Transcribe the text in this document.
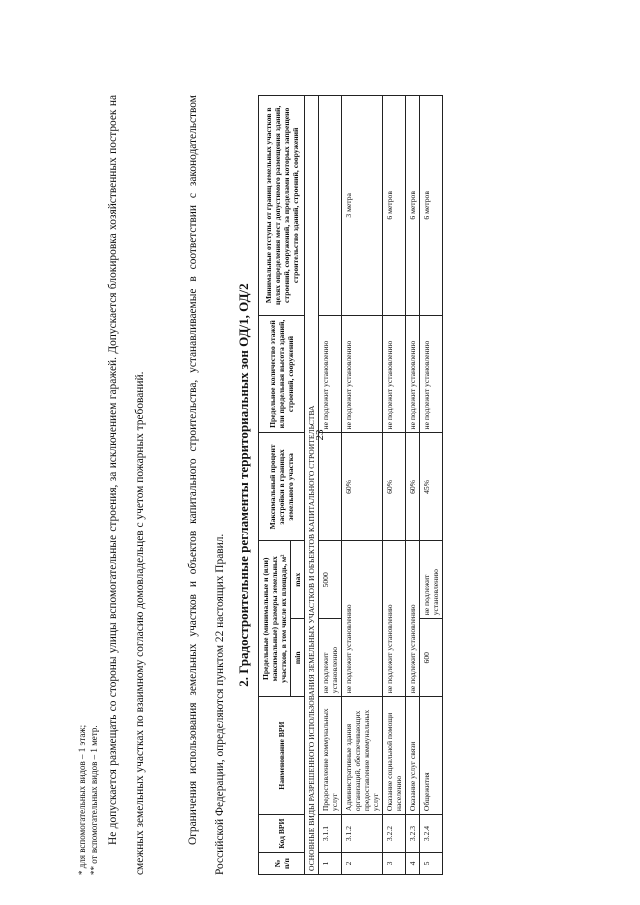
23
* для вспомогательных видов – 1 этаж; ** от вспомогательных видов – 1 метр. Не допускается размещать со стороны улицы вспомогательные строения, за исключением гаражей. Допускается блокировка хозяйственных построек на смежных земельных участках по взаимному согласию домовладельцев с учетом пожарных требований.	Ограничения использования земельных участков и объектов капитального строительства, устанавливаемые в соответствии с законодательством Российской Федерации, определяются пунктом 22 настоящих Правил.
2. Градостроительные регламенты территориальных зон ОД/1, ОД/2
№ п/п	Код ВРИ	Наименование ВРИ	Предельные (минимальные и (или) максимальные) размеры земельных участков, в том числе их площадь, м²		Максимальный процент застройки в границах земельного участка	Предельное количество этажей или предельная высота зданий, строений, сооружений	Минимальные отступы от границ земельных участков в целях определения мест допустимого размещения зданий, строений, сооружений, за пределами которых запрещено строительство зданий, строений, сооружений
			min	max			
ОСНОВНЫЕ ВИДЫ РАЗРЕШЕННОГО ИСПОЛЬЗОВАНИЯ ЗЕМЕЛЬНЫХ УЧАСТКОВ И ОБЪЕКТОВ КАПИТАЛЬНОГО СТРОИТЕЛЬСТВА							
1	3.1.1	Предоставление коммунальных услуг	не подлежит установлению	5000		не подлежит установлению	
2	3.1.2	Административные здания организаций, обеспечивающих предоставление коммунальных услуг	не подлежит установлению		60%	не подлежит установлению	3 метра
3	3.2.2	Оказание социальной помощи населению	не подлежит установлению		60%	не подлежит установлению	6 метров
4	3.2.3	Оказание услуг связи	не подлежит установлению		60%	не подлежит установлению	6 метров
5	3.2.4	Общежития	600	не подлежит установлению	45%	не подлежит установлению	6 метров
